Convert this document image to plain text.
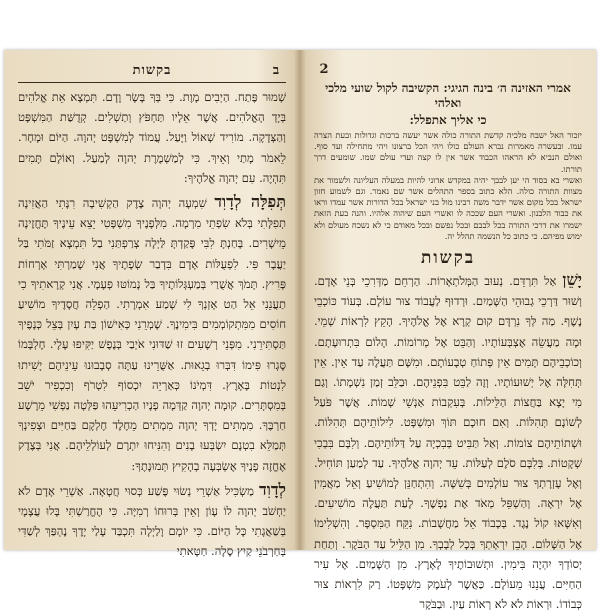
ב
בקשות

שְׁמוּר פֶּתַח. הַיְבִים מָוֶת. כִּי בְּךָ בָּשָׂר וָדָם. תִּמְצָא אֵת אֱלֹהִים בְּיָדְ הָאֱלֹהִים. אֲשֶׁר אֵלָיו תַּחְפֹּץ וְתַשְׁלִים. קְדֻשַּׁת הַמִּשְׁפָּט וְהַצְּדָקָה. מוֹרִיד שְׁאוֹל וַיָּעַל. עֲמוֹד לְמִשְׁפָּט יְהוָה. הַיּוֹם וּמָחָר. לֵאמֹר מָתַי וְאֵיךְ. כִּי לְמַשְׁמֶרֶת יְהוָה לְמַעַל. וְאוֹלָם תָּמִים תִּהְיֶה. עִם יְהוָה אֱלֹהֶיךָ:

תְּפִלָּה לְדָוִד שִׁמְעָה יְהוָה צֶדֶק הַקְשִׁיבָה רִנָּתִי הַאֲזִינָה תְפִלָּתִי בְּלֹא שִׂפְתֵי מִרְמָה. מִלְּפָנֶיךָ מִשְׁפָּטִי יֵצֵא עֵינֶיךָ תֶּחֱזֶינָה מֵישָׁרִים. בָּחַנְתָּ לִבִּי פָּקַדְתָּ לַּיְלָה צְרַפְתַּנִי בַל תִּמְצָא זַמֹּתִי בַּל יַעֲבָר פִּי. לִפְעֻלּוֹת אָדָם בִּדְבַר שְׂפָתֶיךָ אֲנִי שָׁמַרְתִּי אָרְחוֹת פָּרִיץ. תָּמֹךְ אֲשֻׁרַי בְּמַעְגְּלוֹתֶיךָ בַּל נָמוֹטּוּ פְעָמָי. אֲנִי קְרָאתִיךָ כִי תַעֲנֵנִי אֵל הַט אָזְנְךָ לִי שְׁמַע אִמְרָתִי. הַפְלֵה חֲסָדֶיךָ מוֹשִׁיעַ חוֹסִים מִמִּתְקוֹמְמִים בִּימִינֶךָ. שָׁמְרֵנִי כְּאִישׁוֹן בַּת עָיִן בְּצֵל כְּנָפֶיךָ תַּסְתִּירֵנִי. מִפְּנֵי רְשָׁעִים זוּ שַׁדּוּנִי אֹיְבַי בְּנֶפֶשׁ יַקִּיפוּ עָלָי. חֶלְבָּמוֹ סָּגְרוּ פִּימוֹ דִּבְּרוּ בְגֵאוּת. אַשֻּׁרֵינוּ עַתָּה סְבָבוּנוּ עֵינֵיהֶם יָשִׁיתוּ לִנְטוֹת בָּאָרֶץ. דִּמְיֹנוֹ כְּאַרְיֵה יִכְסוֹף לִטְרֹף וְכִכְפִיר יֹשֵׁב בְּמִסְתָּרִים. קוּמָה יְהוָה קַדְּמָה פָנָיו הַכְרִיעֵהוּ פַּלְּטָה נַפְשִׁי מֵרָשָׁע חַרְבֶּךָ. מִמְתִים יָדְךָ יְהוָה מִמְתִים מֵחֶלֶד חֶלְקָם בַּחַיִּים וּצְפִינְךָ תְּמַלֵּא בִטְנָם יִשְׂבְּעוּ בָנִים וְהִנִּיחוּ יִתְרָם לְעוֹלְלֵיהֶם. אֲנִי בְּצֶדֶק אֶחֱזֶה פָנֶיךָ אֶשְׂבְּעָה בְהָקִיץ תְּמוּנָתֶךָ:

לְדָוִד מַשְׂכִּיל אַשְׁרֵי נְשׂוּי פֶּשַׁע כְּסוּי חֲטָאָה. אַשְׁרֵי אָדָם לֹא יַחְשֹׁב יְהוָה לוֹ עָוֹן וְאֵין בְּרוּחוֹ רְמִיָּה. כִּי הֶחֱרַשְׁתִּי בָּלוּ עֲצָמָי בְּשַׁאֲגָתִי כָּל הַיּוֹם. כִּי יוֹמָם וָלַיְלָה תִּכְבַּד עָלַי יָדֶךָ נֶהְפַּךְ לְשַׁדִּי בְּחַרְבֹנֵי קַיִץ סֶלָה. חַטָּאתִי

2
אמרי האזינה ה׳ בינה הגיגי: הקשיבה לקול שועי מלכי ואלהי
כי אליך אתפלל:

יזכור האל ישבח מלכיה קדשת התורה כולה אשר יעשה ברכות וגדולות ובעת הצרה עמו. ובעשרה מאמרות נברא העולם כולו ויהי הכל ברצונו ויהי מתחילה ועד סוף. ואולם הנביא לא הראהו הכבוד אשר אין לו קצה ועדי עולם שמו. שומעים דרך תורתו.

ואשרי בא בסוד הי יען לבבך יהיה במקדש אדוני להיות במעלה העליונה ולשמור את מצוות התורה כולה. הלא כתוב בספר התהלים אשר שם נאמר. וגם לשמוע חזון ישראל בכל מקום אשר ידבר משה רבינו מול בני ישראל בכל הדורות אשר עמדו וראו את כבוד הלבנון. ואשרי העם שככה לו ואשרי העם שיהוה אלהיו. והנה בעת הזאת ישמרו את דרכי התורה בכל לבבם ובכל נפשם ובכל מאודם כי לא נשכח מעולם ולא ימוש מפיהם. כי כתוב כל הנשמה תהלל יה.

בקשות

יָשֵׁן אַל תִּרְדֵּם. נְעוּב הַמְּלֹתְאָרוֹת. הַרְחֵם מַדְּרִכֵי בְּנֵי אָדָם. וְשׁוּר דַּרְכֵי גְבוּהֵי הַשָּׁמַיִם. וּרְדוּף לַעֲבוֹד צוּר עוֹלָם. בְּעוֹד כּוֹכְבֵי נֶשֶׁף. מַה לְּךָ נִרְדָּם קוּם קְרָא אֶל אֱלֹהֶיךָ. הָקֵץ לִרְאוֹת שְׁמֵי. וּמָה מַעֲשֵׂה אֶצְבְּעוֹתָיו. וְהַבֵּט אֶל מְרוֹמוֹת. הָלוֹם בִּתְרוּעָתָם. וְכוֹכְבֵיהֶם תָּמִים אֵין פְּתוֹחַ טְבָעוֹתָם. וּמִשָּׁם תַּעֲלֶה עַד אֵין. אֵין תְּחִלָּה אֶל יְשׁוּעוֹתָיו. וְזֶה לַבֵּט בִּפְנֵיהֶם. וּבַלֵּב זְמַן נִשְׁמָתוֹ. וְגַם מִי יָצָא בַּחֲצוֹת הַלֵּילוֹת. בְּעִקְבוֹת אַנְשֵׁי שְׁמוֹת. אֲשֶׁר פֹּעַל לְשׁוֹנָם תְּהִלּוֹת. וְאִם חוּכָם תּוֹךְ וּמִשְׁפָּט. לִילוֹתֵיהֶם תְּהִלּוֹת. וּשְׁתוֹתֵיהֶם צוֹמוֹת. וְאַל תַּבִּיט בְּבִכְיָה עַל דַּלּוֹתֵיהֶם. וְלִבָּם בִּבְכִי שְׁקָטוֹת. בְּלִבָּם סֹלֶם לְעַלּוֹת. עֵד יְהוָה אֱלֹהֶיךָ. עַד לְמַעַן תּוֹחִיל. וְאֶל עָזְרָתְךָ צוּר עוֹלָמִים בְּשִׁשָּׁה. וְהִתְחַנֵּן לְמוֹשִׁיעַ וְאֵל מַאֲמִין אֶל יִרְאָה. וְהַשְׁפֵּל מְאֹד אֶת נַפְשֶׁךָ. לָעַת תַּעֲלֶה מוֹשִׁיעִים. וְאִשָּׁאוּ קוֹל נֶגֶד. בְּכָבוֹד אֵל מַחֲשָׁבוֹת. נִקֵּח הַמִּסְפָּר. וְהִשְׁלִימוֹ אֶל הַשָּׁלוֹם. הָבֵן יִרְאָתְךָ בְּכָל לְבָבְךָ. מִן הַלֵּיל עַד הַבֹּקֶר. וְתַחַת יְסוֹדְךָ יִהְיֶה בִּימִין. וּתְשׁוּבוֹתֶיךָ לָאָרֶץ. מִן הַשָּׁמַיִם. אֶל עִיר הַחַיִּים. עֲנֵנוּ מֵעוֹלָם. כַּאֲשֶׁר לְעֹמֶק מִשְׁפָּטוֹ. רַק לִרְאוֹת צוּר כְּבוֹדוֹ. וּרְאוֹת לֹא לֹא רְאוֹת עַיִן. וּבַבֹּקֶר
